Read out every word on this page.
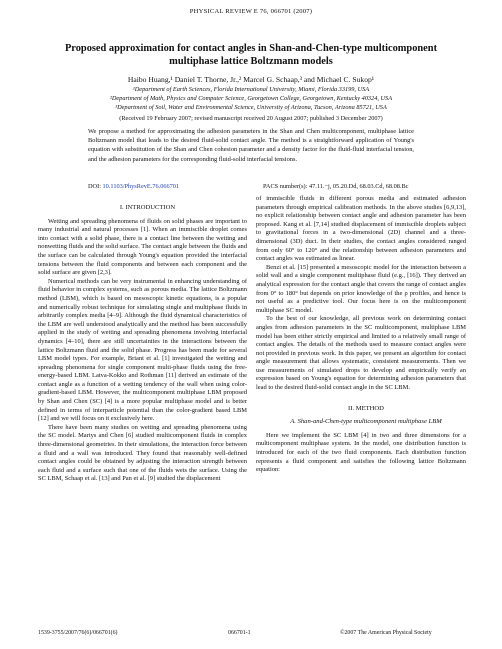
PHYSICAL REVIEW E 76, 066701 (2007)
Proposed approximation for contact angles in Shan-and-Chen-type multicomponent multiphase lattice Boltzmann models
Haibo Huang,¹ Daniel T. Thorne, Jr.,² Marcel G. Schaap,³ and Michael C. Sukop¹
¹Department of Earth Sciences, Florida International University, Miami, Florida 33199, USA
²Department of Math, Physics and Computer Science, Georgetown College, Georgetown, Kentucky 40324, USA
³Department of Soil, Water and Environmental Science, University of Arizona, Tucson, Arizona 85721, USA
(Received 19 February 2007; revised manuscript received 20 August 2007; published 3 December 2007)
We propose a method for approximating the adhesion parameters in the Shan and Chen multicomponent, multiphase lattice Boltzmann model that leads to the desired fluid-solid contact angle. The method is a straightforward application of Young's equation with substitution of the Shan and Chen cohesion parameter and a density factor for the fluid-fluid interfacial tension, and the adhesion parameters for the corresponding fluid-solid interfacial tensions.
DOI: 10.1103/PhysRevE.76.066701	PACS number(s): 47.11.−j, 05.20.Dd, 68.03.Cd, 68.08.Bc

I. INTRODUCTION

Wetting and spreading phenomena of fluids on solid phases are important to many industrial and natural processes [1]. When an immiscible droplet comes into contact with a solid phase, there is a contact line between the wetting and nonwetting fluids and the solid surface. The contact angle between the fluids and the surface can be calculated through Young's equation provided the interfacial tensions between the fluid components and between each component and the solid surface are given [2,3].

Numerical methods can be very instrumental in enhancing understanding of fluid behavior in complex systems, such as porous media. The lattice Boltzmann method (LBM), which is based on mesoscopic kinetic equations, is a popular and numerically robust technique for simulating single and multiphase fluids in arbitrarily complex media [4–9]. Although the fluid dynamical characteristics of the LBM are well understood analytically and the method has been successfully applied in the study of wetting and spreading phenomena involving interfacial dynamics [4–10], there are still uncertainties in the interactions between the lattice Boltzmann fluid and the solid phase. Progress has been made for several LBM model types. For example, Briant et al. [1] investigated the wetting and spreading phenomena for single component multi-phase fluids using the free-energy-based LBM. Latva-Kokko and Rothman [11] derived an estimate of the contact angle as a function of a wetting tendency of the wall when using color-gradient-based LBM. However, the multicomponent multiphase LBM proposed by Shan and Chen (SC) [4] is a more popular multiphase model and is better defined in terms of interparticle potential than the color-gradient based LBM [12] and we will focus on it exclusively here.

There have been many studies on wetting and spreading phenomena using the SC model. Martys and Chen [6] studied multicomponent fluids in complex three-dimensional geometries. In their simulations, the interaction force between a fluid and a wall was introduced. They found that reasonably well-defined contact angles could be obtained by adjusting the interaction strength between each fluid and a surface such that one of the fluids wets the surface. Using the SC LBM, Schaap et al. [13] and Pan et al. [9] studied the displacement

of immiscible fluids in different porous media and estimated adhesion parameters through empirical calibration methods. In the above studies [6,9,13], no explicit relationship between contact angle and adhesion parameter has been proposed. Kang et al. [7,14] studied displacement of immiscible droplets subject to gravitational forces in a two-dimensional (2D) channel and a three-dimensional (3D) duct. In their studies, the contact angles considered ranged from only 60° to 120° and the relationship between adhesion parameters and contact angles was estimated as linear.

Benzi et al. [15] presented a mesoscopic model for the interaction between a solid wall and a single component multiphase fluid (e.g., [16]). They derived an analytical expression for the contact angle that covers the range of contact angles from 0° to 180° but depends on prior knowledge of the ρ profiles, and hence is not useful as a predictive tool. Our focus here is on the multicomponent multiphase SC model.

To the best of our knowledge, all previous work on determining contact angles from adhesion parameters in the SC multicomponent, multiphase LBM model has been either strictly empirical and limited to a relatively small range of contact angles. The details of the methods used to measure contact angles were not provided in previous work. In this paper, we present an algorithm for contact angle measurement that allows systematic, consistent measurements. Then we use measurements of simulated drops to develop and empirically verify an expression based on Young's equation for determining adhesion parameters that lead to the desired fluid-solid contact angle in the SC LBM.

II. METHOD

A. Shan-and-Chen-type multicomponent multiphase LBM

Here we implement the SC LBM [4] in two and three dimensions for a multicomponent multiphase system. In the model, one distribution function is introduced for each of the two fluid components. Each distribution function represents a fluid component and satisfies the following lattice Boltzmann equation:

1539-3755/2007/76(6)/066701(6)	066701-1	©2007 The American Physical Society
